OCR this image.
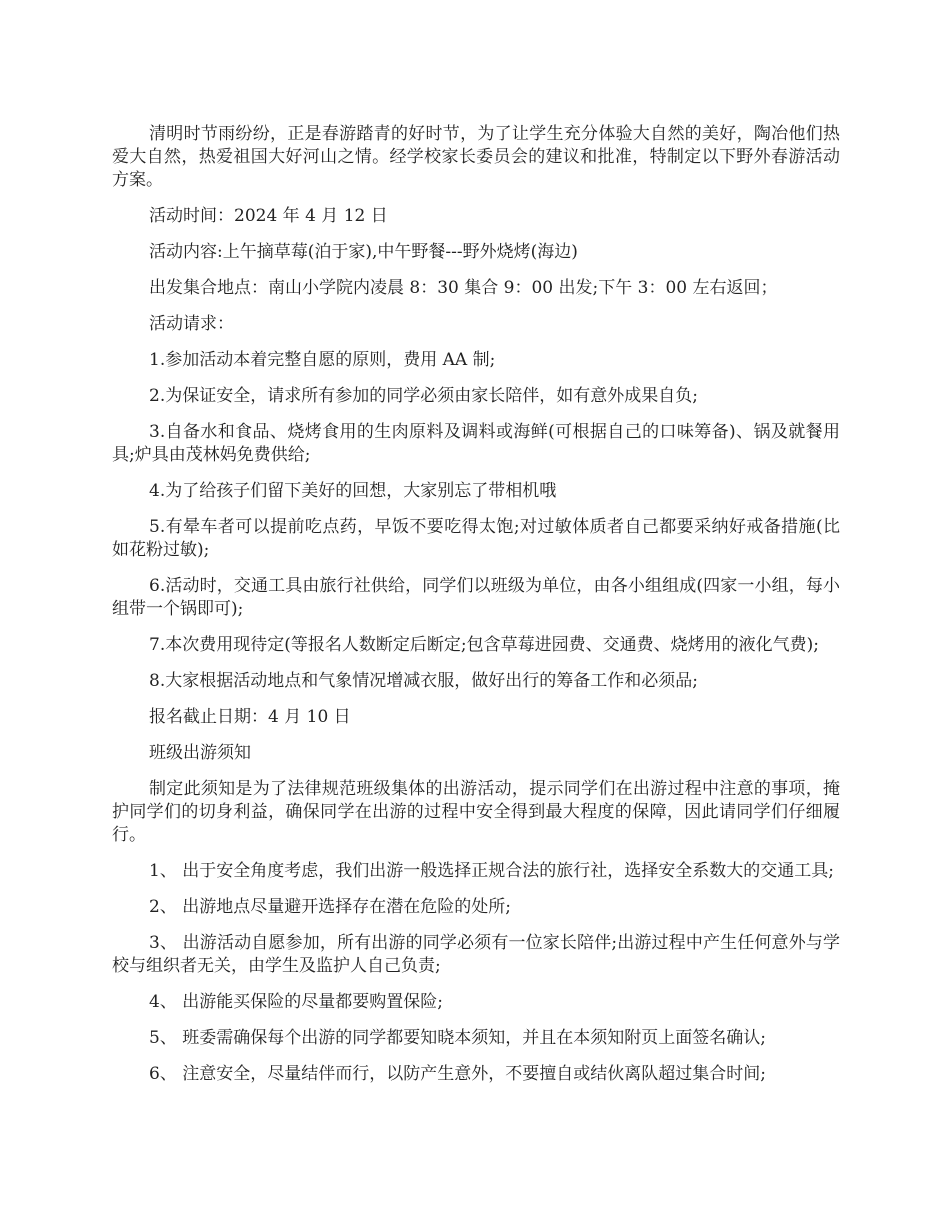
清明时节雨纷纷，正是春游踏青的好时节，为了让学生充分体验大自然的美好，陶冶他们热爱大自然，热爱祖国大好河山之情。经学校家长委员会的建议和批准，特制定以下野外春游活动方案。

活动时间：2024 年 4 月 12 日

活动内容:上午摘草莓(泊于家),中午野餐---野外烧烤(海边)

出发集合地点：南山小学院内凌晨 8：30 集合 9：00 出发;下午 3：00 左右返回；

活动请求：

1.参加活动本着完整自愿的原则，费用 AA 制;

2.为保证安全，请求所有参加的同学必须由家长陪伴，如有意外成果自负;

3.自备水和食品、烧烤食用的生肉原料及调料或海鲜(可根据自己的口味筹备)、锅及就餐用具;炉具由茂林妈免费供给;

4.为了给孩子们留下美好的回想，大家别忘了带相机哦

5.有晕车者可以提前吃点药，早饭不要吃得太饱;对过敏体质者自己都要采纳好戒备措施(比如花粉过敏);

6.活动时，交通工具由旅行社供给，同学们以班级为单位，由各小组组成(四家一小组，每小组带一个锅即可);

7.本次费用现待定(等报名人数断定后断定;包含草莓进园费、交通费、烧烤用的液化气费);

8.大家根据活动地点和气象情况增减衣服，做好出行的筹备工作和必须品;

报名截止日期：4 月 10 日

班级出游须知

制定此须知是为了法律规范班级集体的出游活动，提示同学们在出游过程中注意的事项，掩护同学们的切身利益，确保同学在出游的过程中安全得到最大程度的保障，因此请同学们仔细履行。

1、 出于安全角度考虑，我们出游一般选择正规合法的旅行社，选择安全系数大的交通工具;

2、 出游地点尽量避开选择存在潜在危险的处所;

3、 出游活动自愿参加，所有出游的同学必须有一位家长陪伴;出游过程中产生任何意外与学校与组织者无关，由学生及监护人自己负责;

4、 出游能买保险的尽量都要购置保险;

5、 班委需确保每个出游的同学都要知晓本须知，并且在本须知附页上面签名确认;

6、 注意安全，尽量结伴而行，以防产生意外，不要擅自或结伙离队超过集合时间;
